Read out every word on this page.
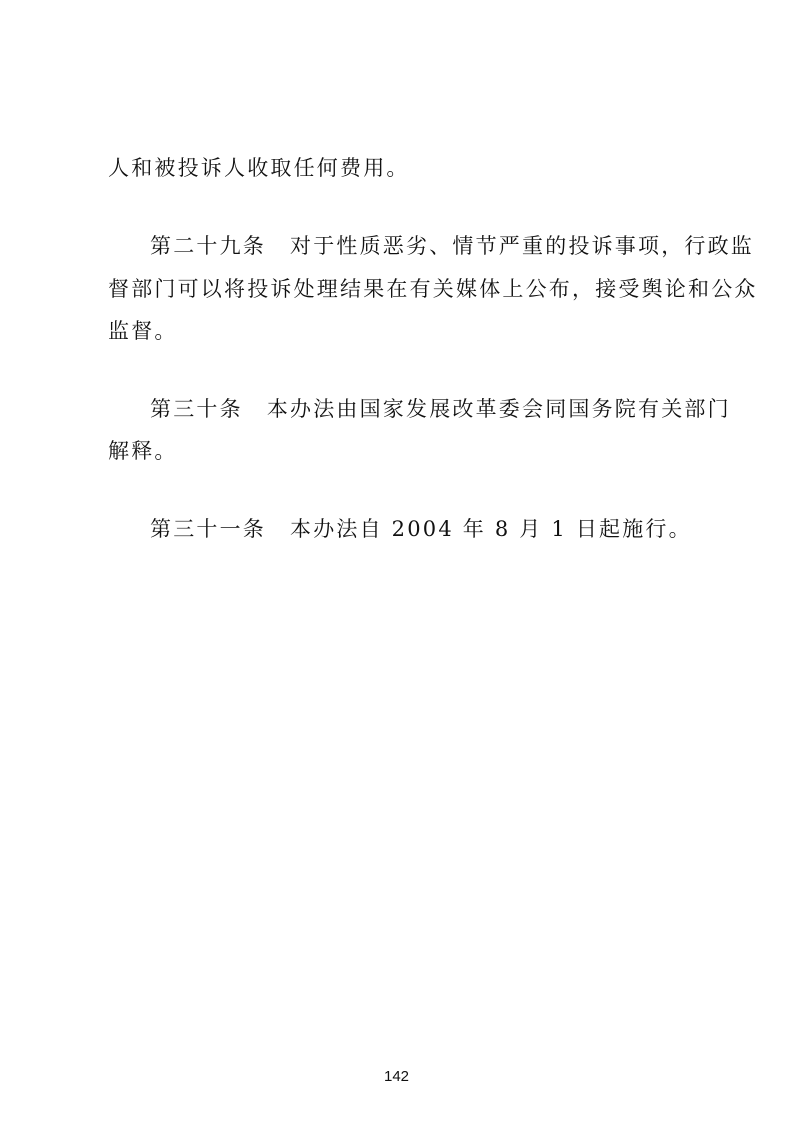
人和被投诉人收取任何费用。
第二十九条 对于性质恶劣、情节严重的投诉事项，行政监
督部门可以将投诉处理结果在有关媒体上公布，接受舆论和公众
监督。
第三十条 本办法由国家发展改革委会同国务院有关部门
解释。
第三十一条 本办法自 2004 年 8 月 1 日起施行。
142
